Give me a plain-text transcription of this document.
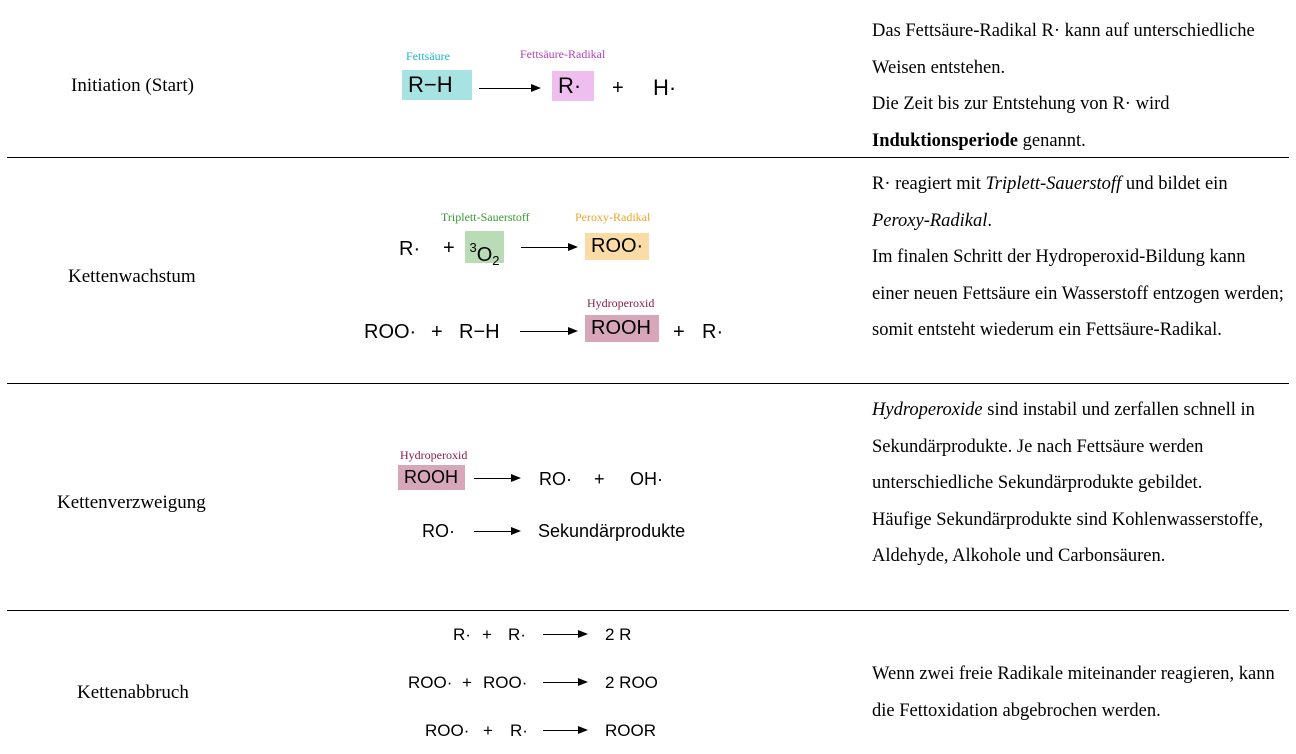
Initiation (Start)
Fettsäure	Fettsäure-Radikal
R−H	→ R·	+ H·

Das Fettsäure-Radikal R· kann auf unterschiedliche Weisen entstehen.

Die Zeit bis zur Entstehung von R· wird Induktionsperiode genannt.

Kettenwachstum
Triplett-Sauerstoff	Peroxy-Radikal
R· +	$^3O_2$
→ ROO·
Hydroperoxid
ROO· + R−H → ROOH	+ R·

R· reagiert mit Triplett-Sauerstoff und bildet ein Peroxy-Radikal.

Im finalen Schritt der Hydroperoxid-Bildung kann einer neuen Fettsäure ein Wasserstoff entzogen werden; somit entsteht wiederum ein Fettsäure-Radikal.

Kettenverzweigung
Hydroperoxid
ROOH	→ RO· + OH·
RO· → Sekundärprodukte

Hydroperoxide sind instabil und zerfallen schnell in Sekundärprodukte. Je nach Fettsäure werden unterschiedliche Sekundärprodukte gebildet.

Häufige Sekundärprodukte sind Kohlenwasserstoffe, Aldehyde, Alkohole und Carbonsäuren.

Kettenabbruch
R· + R· → 2 R
ROO· + ROO· → 2 ROO
ROO· + R· → ROOR
Wenn zwei freie Radikale miteinander reagieren, kann die Fettoxidation abgebrochen werden.
